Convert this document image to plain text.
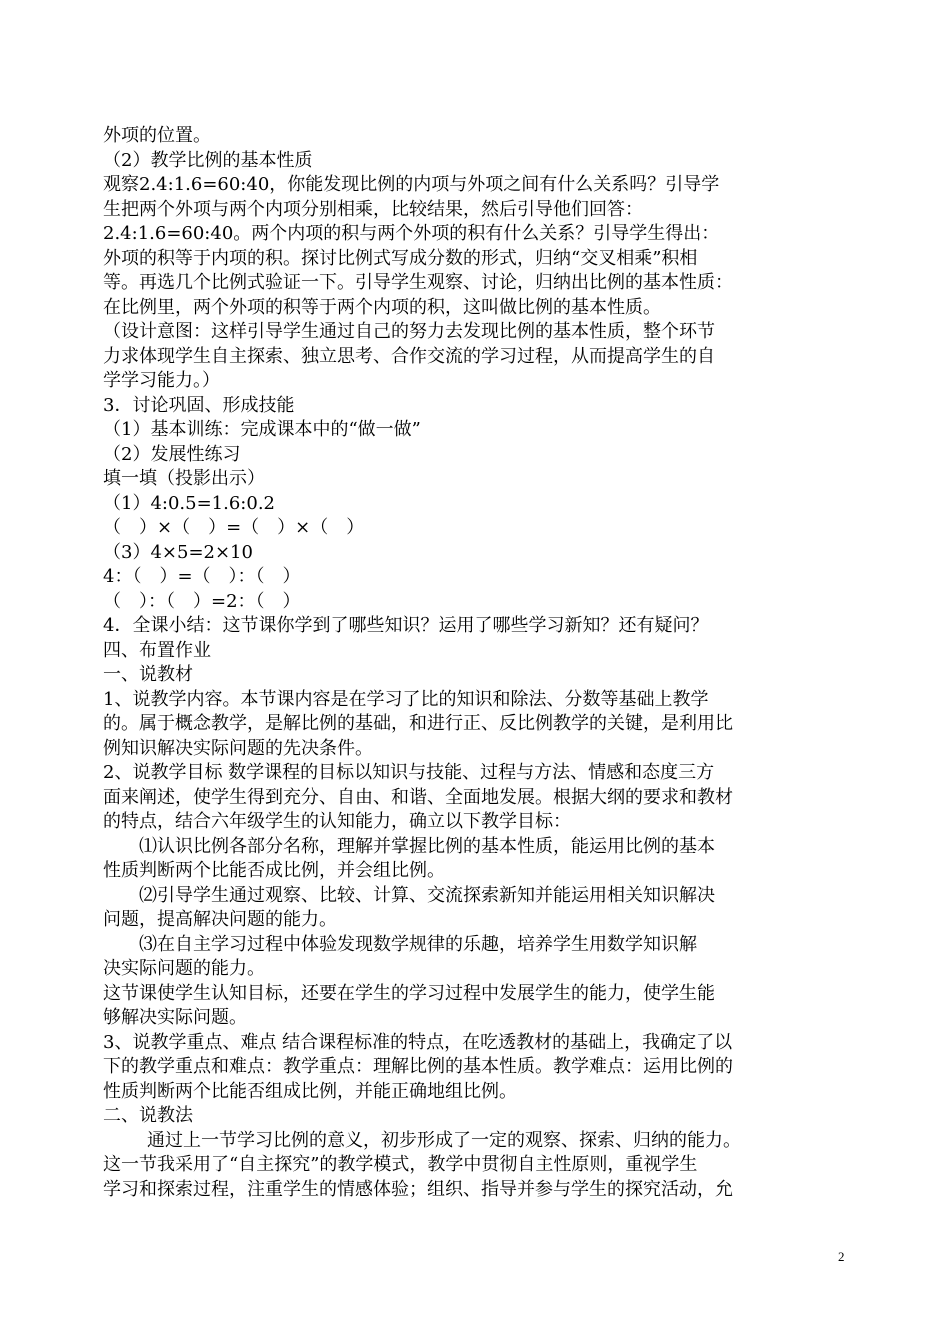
外项的位置。
（2）教学比例的基本性质
观察2.4:1.6=60:40，你能发现比例的内项与外项之间有什么关系吗？引导学
生把两个外项与两个内项分别相乘，比较结果，然后引导他们回答：
2.4:1.6=60:40。两个内项的积与两个外项的积有什么关系？引导学生得出：
外项的积等于内项的积。探讨比例式写成分数的形式，归纳“交叉相乘”积相
等。再选几个比例式验证一下。引导学生观察、讨论，归纳出比例的基本性质：
在比例里，两个外项的积等于两个内项的积，这叫做比例的基本性质。
（设计意图：这样引导学生通过自己的努力去发现比例的基本性质，整个环节
力求体现学生自主探索、独立思考、合作交流的学习过程，从而提高学生的自
学学习能力。）
3．讨论巩固、形成技能
（1）基本训练：完成课本中的“做一做”
（2）发展性练习
填一填（投影出示）
（1）4:0.5=1.6:0.2
（　）×（　）=（　）×（　）
（3）4×5=2×10
4：（　）=（　）：（　）
（　）：（　）=2：（　）
4．全课小结：这节课你学到了哪些知识？运用了哪些学习新知？还有疑问？
四、布置作业
一、说教材
1、说教学内容。本节课内容是在学习了比的知识和除法、分数等基础上教学
的。属于概念教学，是解比例的基础，和进行正、反比例教学的关键，是利用比
例知识解决实际问题的先决条件。
2、说教学目标 数学课程的目标以知识与技能、过程与方法、情感和态度三方
面来阐述，使学生得到充分、自由、和谐、全面地发展。根据大纲的要求和教材
的特点，结合六年级学生的认知能力，确立以下教学目标：
⑴认识比例各部分名称，理解并掌握比例的基本性质，能运用比例的基本
性质判断两个比能否成比例，并会组比例。
⑵引导学生通过观察、比较、计算、交流探索新知并能运用相关知识解决
问题，提高解决问题的能力。
⑶在自主学习过程中体验发现数学规律的乐趣，培养学生用数学知识解
决实际问题的能力。
这节课使学生认知目标，还要在学生的学习过程中发展学生的能力，使学生能
够解决实际问题。
3、说教学重点、难点 结合课程标准的特点，在吃透教材的基础上，我确定了以
下的教学重点和难点：教学重点：理解比例的基本性质。教学难点：运用比例的
性质判断两个比能否组成比例，并能正确地组比例。
二、说教法
通过上一节学习比例的意义，初步形成了一定的观察、探索、归纳的能力。
这一节我采用了“自主探究”的教学模式，教学中贯彻自主性原则，重视学生
学习和探索过程，注重学生的情感体验；组织、指导并参与学生的探究活动，允
2
